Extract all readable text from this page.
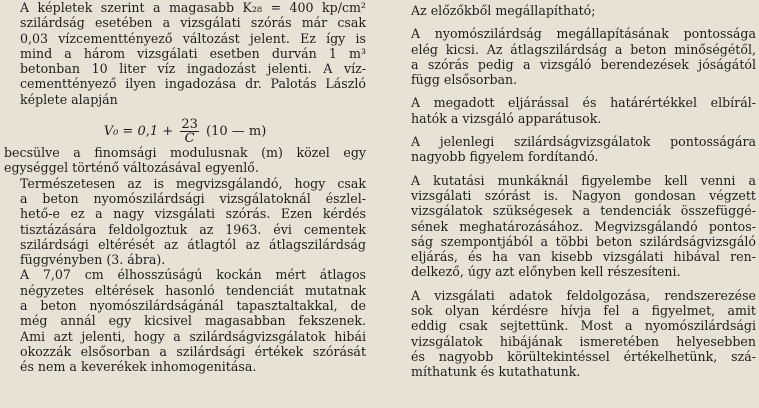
A képletek szerint a magasabb K₂₈ = 400 kp/cm²
szilárdság esetében a vizsgálati szórás már csak
0,03 vízcementtényező változást jelent. Ez így is
mind a három vizsgálati esetben durván 1 m³
betonban 10 liter víz ingadozást jelenti. A víz-
cementtényező ilyen ingadozása dr. Palotás László
képlete alapján

$V_0 = 0,1 + \frac{23}{C} (10$ — m)

becsülve a finomsági modulusnak (m) közel egy
egységgel történő változásával egyenlő.

Természetesen az is megvizsgálandó, hogy csak
a beton nyomószilárdsági vizsgálatoknál észlel-
hető-e ez a nagy vizsgálati szórás. Ezen kérdés
tisztázására feldolgoztuk az 1963. évi cementek
szilárdsági eltérését az átlagtól az átlagszilárdság
függvényben (3. ábra).

A 7,07 cm élhosszúságú kockán mért átlagos
négyzetes eltérések hasonló tendenciát mutatnak
a beton nyomószilárdságánál tapasztaltakkal, de
még annál egy kicsivel magasabban fekszenek.
Ami azt jelenti, hogy a szilárdságvizsgálatok hibái
okozzák elsősorban a szilárdsági értékek szórását
és nem a keverékek inhomogenitása.

Az előzőkből megállapítható;

A nyomószilárdság megállapításának pontossága
elég kicsi. Az átlagszilárdság a beton minőségétől,
a szórás pedig a vizsgáló berendezések jóságától
függ elsősorban.

A megadott eljárással és határértékkel elbírál-
hatók a vizsgáló apparátusok.

A jelenlegi szilárdságvizsgálatok pontosságára
nagyobb figyelem fordítandó.

A kutatási munkáknál figyelembe kell venni a
vizsgálati szórást is. Nagyon gondosan végzett
vizsgálatok szükségesek a tendenciák összefüggé-
sének meghatározásához. Megvizsgálandó pontos-
ság szempontjából a többi beton szilárdságvizsgáló
eljárás, és ha van kisebb vizsgálati hibával ren-
delkező, úgy azt előnyben kell részesíteni.

A vizsgálati adatok feldolgozása, rendszerezése
sok olyan kérdésre hívja fel a figyelmet, amit
eddig csak sejtettünk. Most a nyomószilárdsági
vizsgálatok hibájának ismeretében helyesebben
és nagyobb körültekintéssel értékelhetünk, szá-
míthatunk és kutathatunk.
